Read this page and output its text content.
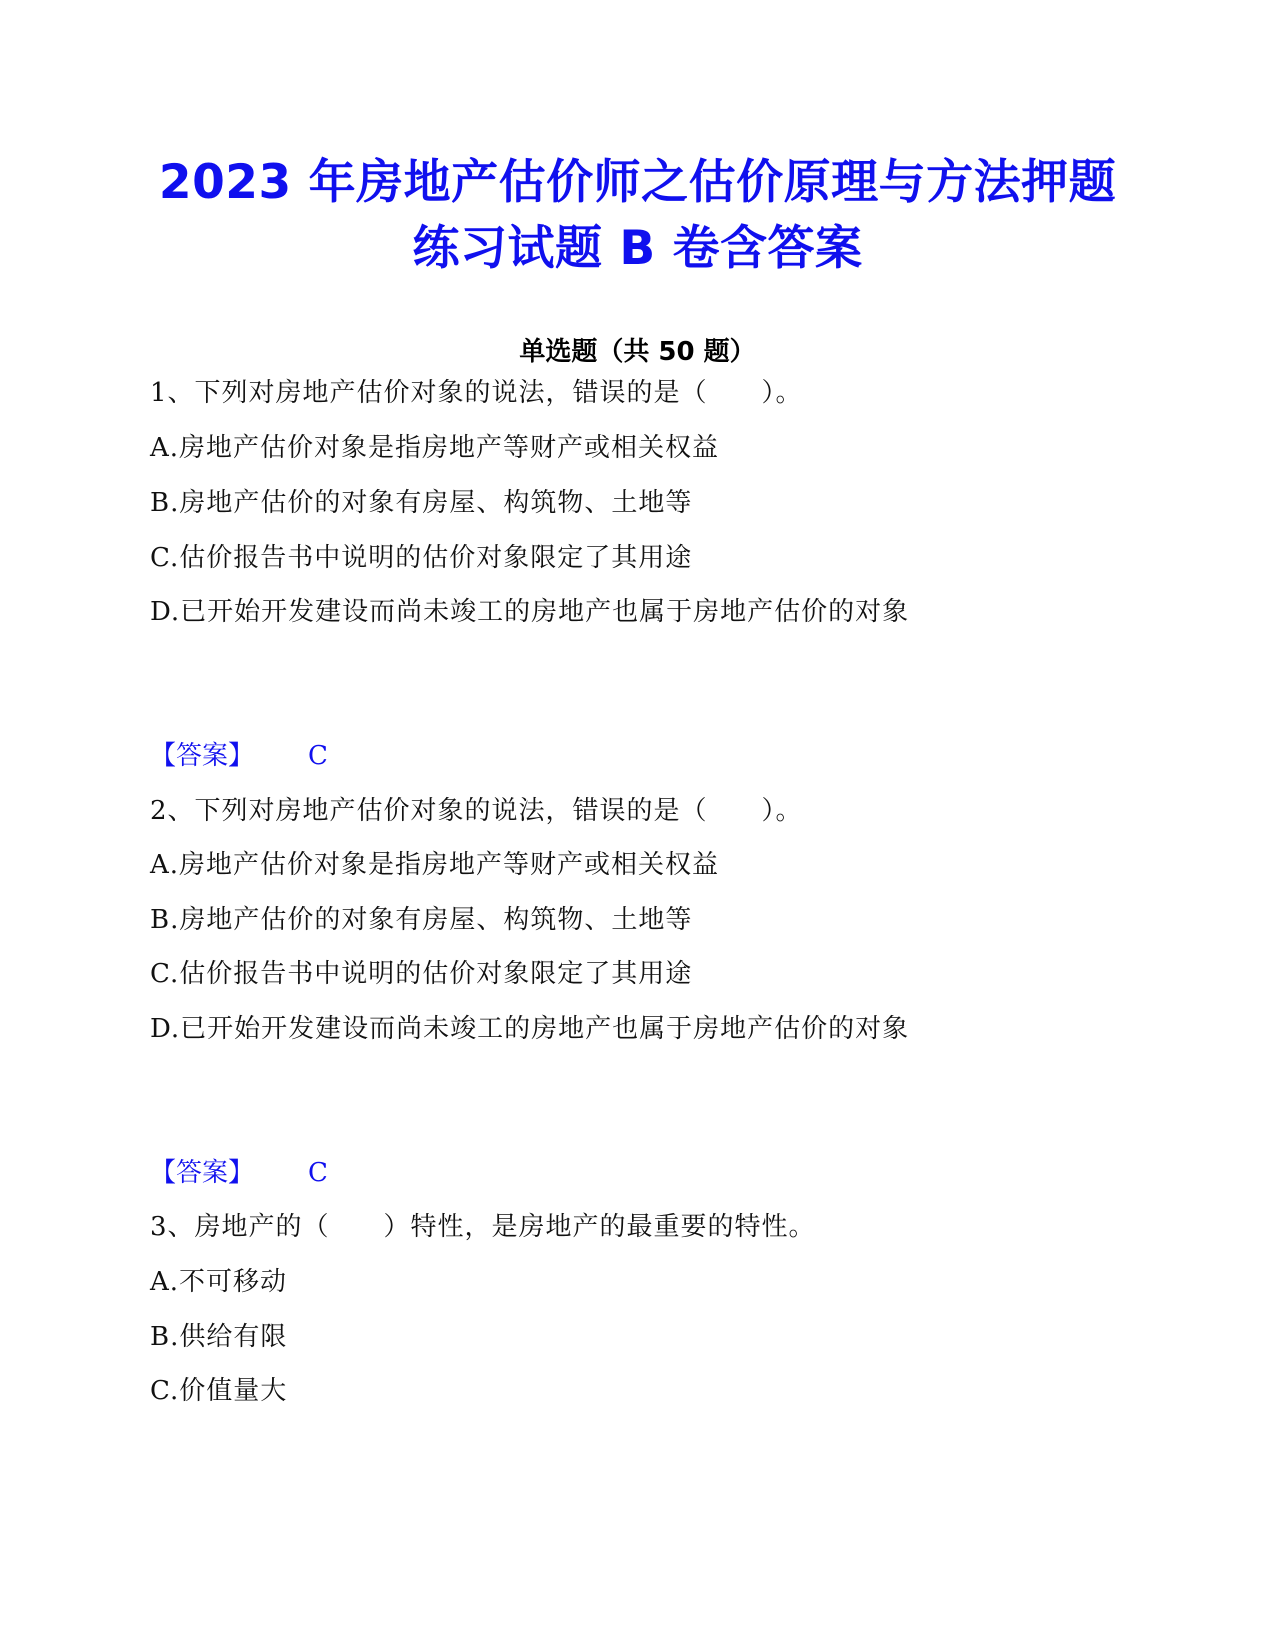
2023 年房地产估价师之估价原理与方法押题
练习试题 B 卷含答案
单选题（共 50 题）
1、下列对房地产估价对象的说法，错误的是（　　）。
A.房地产估价对象是指房地产等财产或相关权益
B.房地产估价的对象有房屋、构筑物、土地等
C.估价报告书中说明的估价对象限定了其用途
D.已开始开发建设而尚未竣工的房地产也属于房地产估价的对象
【答案】 C
2、下列对房地产估价对象的说法，错误的是（　　）。
A.房地产估价对象是指房地产等财产或相关权益
B.房地产估价的对象有房屋、构筑物、土地等
C.估价报告书中说明的估价对象限定了其用途
D.已开始开发建设而尚未竣工的房地产也属于房地产估价的对象
【答案】 C
3、房地产的（　　）特性，是房地产的最重要的特性。
A.不可移动
B.供给有限
C.价值量大
